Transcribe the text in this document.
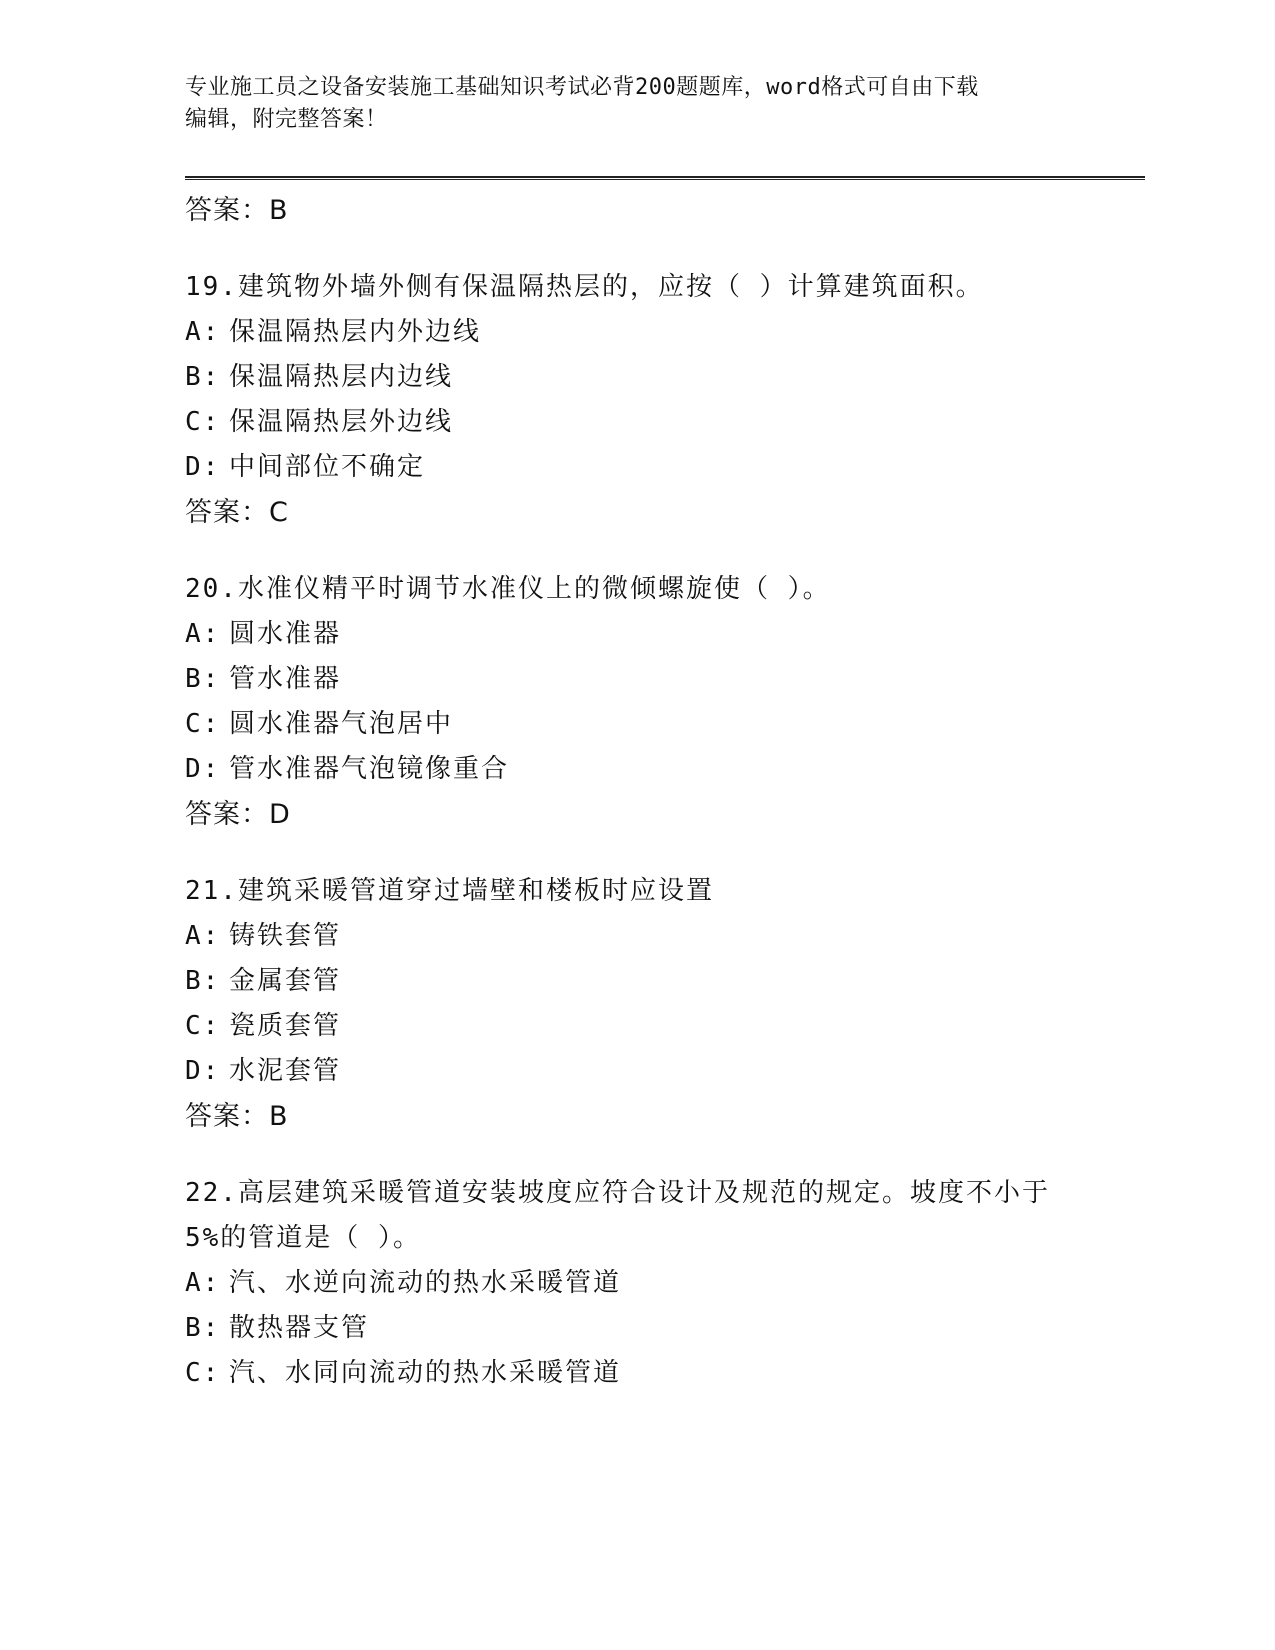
专业施工员之设备安装施工基础知识考试必背200题题库，word格式可自由下载
编辑，附完整答案！
答案：B
19.建筑物外墙外侧有保温隔热层的，应按（ ）计算建筑面积。
A: 保温隔热层内外边线
B: 保温隔热层内边线
C: 保温隔热层外边线
D: 中间部位不确定
答案：C
20.水准仪精平时调节水准仪上的微倾螺旋使（ ）。
A: 圆水准器
B: 管水准器
C: 圆水准器气泡居中
D: 管水准器气泡镜像重合
答案：D
21.建筑采暖管道穿过墙壁和楼板时应设置
A: 铸铁套管
B: 金属套管
C: 瓷质套管
D: 水泥套管
答案：B
22.高层建筑采暖管道安装坡度应符合设计及规范的规定。坡度不小于
5%的管道是（ ）。
A: 汽、水逆向流动的热水采暖管道
B: 散热器支管
C: 汽、水同向流动的热水采暖管道
